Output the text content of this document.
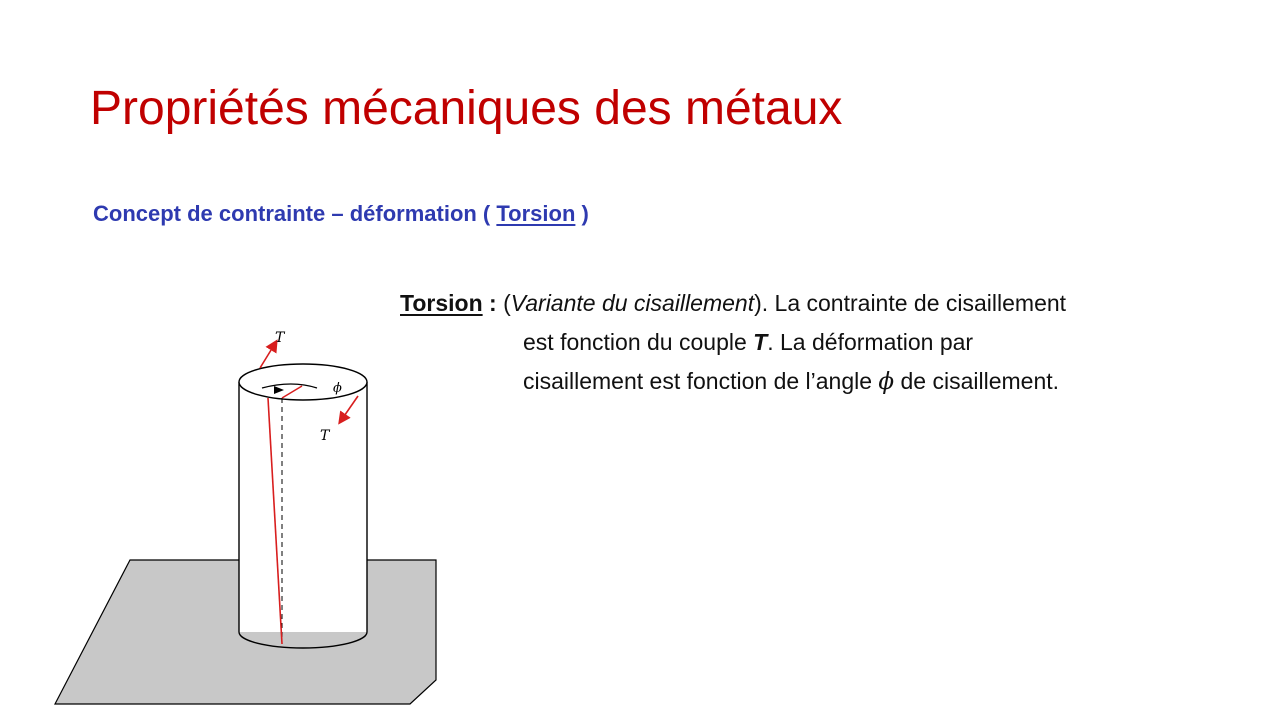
Propriétés mécaniques des métaux
Concept de contrainte – déformation ( Torsion )
Torsion : (Variante du cisaillement). La contrainte de cisaillement
est fonction du couple T. La déformation par
cisaillement est fonction de l’angle ϕ de cisaillement.
ϕ
T
T
